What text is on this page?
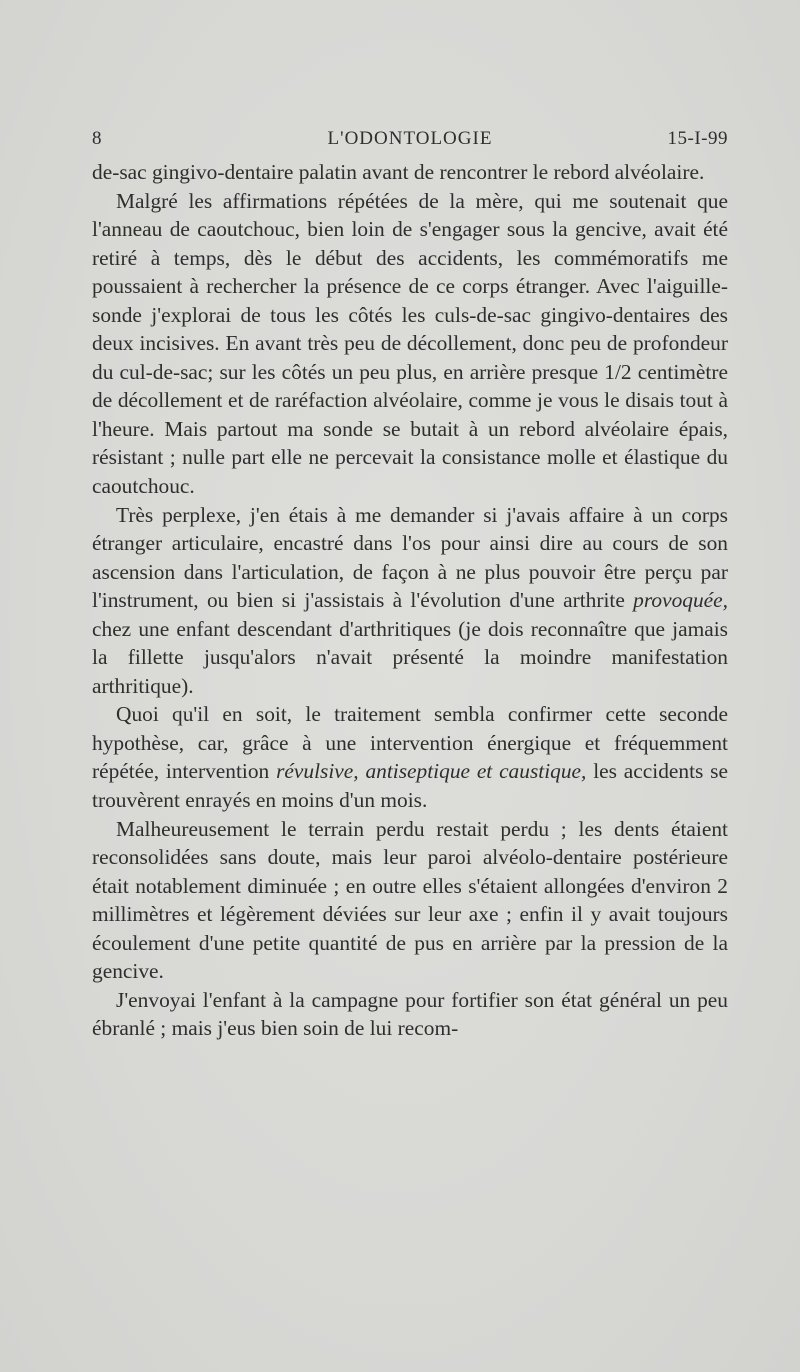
8	L'ODONTOLOGIE	15-I-99

de-sac gingivo-dentaire palatin avant de rencontrer le rebord alvéolaire.

Malgré les affirmations répétées de la mère, qui me soutenait que l'anneau de caoutchouc, bien loin de s'engager sous la gencive, avait été retiré à temps, dès le début des accidents, les commémoratifs me poussaient à rechercher la présence de ce corps étranger. Avec l'aiguille-sonde j'explorai de tous les côtés les culs-de-sac gingivo-dentaires des deux incisives. En avant très peu de décollement, donc peu de profondeur du cul-de-sac; sur les côtés un peu plus, en arrière presque 1/2 centimètre de décollement et de raréfaction alvéolaire, comme je vous le disais tout à l'heure. Mais partout ma sonde se butait à un rebord alvéolaire épais, résistant ; nulle part elle ne percevait la consistance molle et élastique du caoutchouc.

Très perplexe, j'en étais à me demander si j'avais affaire à un corps étranger articulaire, encastré dans l'os pour ainsi dire au cours de son ascension dans l'articulation, de façon à ne plus pouvoir être perçu par l'instrument, ou bien si j'assistais à l'évolution d'une arthrite provoquée, chez une enfant descendant d'arthritiques (je dois reconnaître que jamais la fillette jusqu'alors n'avait présenté la moindre manifestation arthritique).

Quoi qu'il en soit, le traitement sembla confirmer cette seconde hypothèse, car, grâce à une intervention énergique et fréquemment répétée, intervention révulsive, antiseptique et caustique, les accidents se trouvèrent enrayés en moins d'un mois.

Malheureusement le terrain perdu restait perdu ; les dents étaient reconsolidées sans doute, mais leur paroi alvéolo-dentaire postérieure était notablement diminuée ; en outre elles s'étaient allongées d'environ 2 millimètres et légèrement déviées sur leur axe ; enfin il y avait toujours écoulement d'une petite quantité de pus en arrière par la pression de la gencive.

J'envoyai l'enfant à la campagne pour fortifier son état général un peu ébranlé ; mais j'eus bien soin de lui recom-
